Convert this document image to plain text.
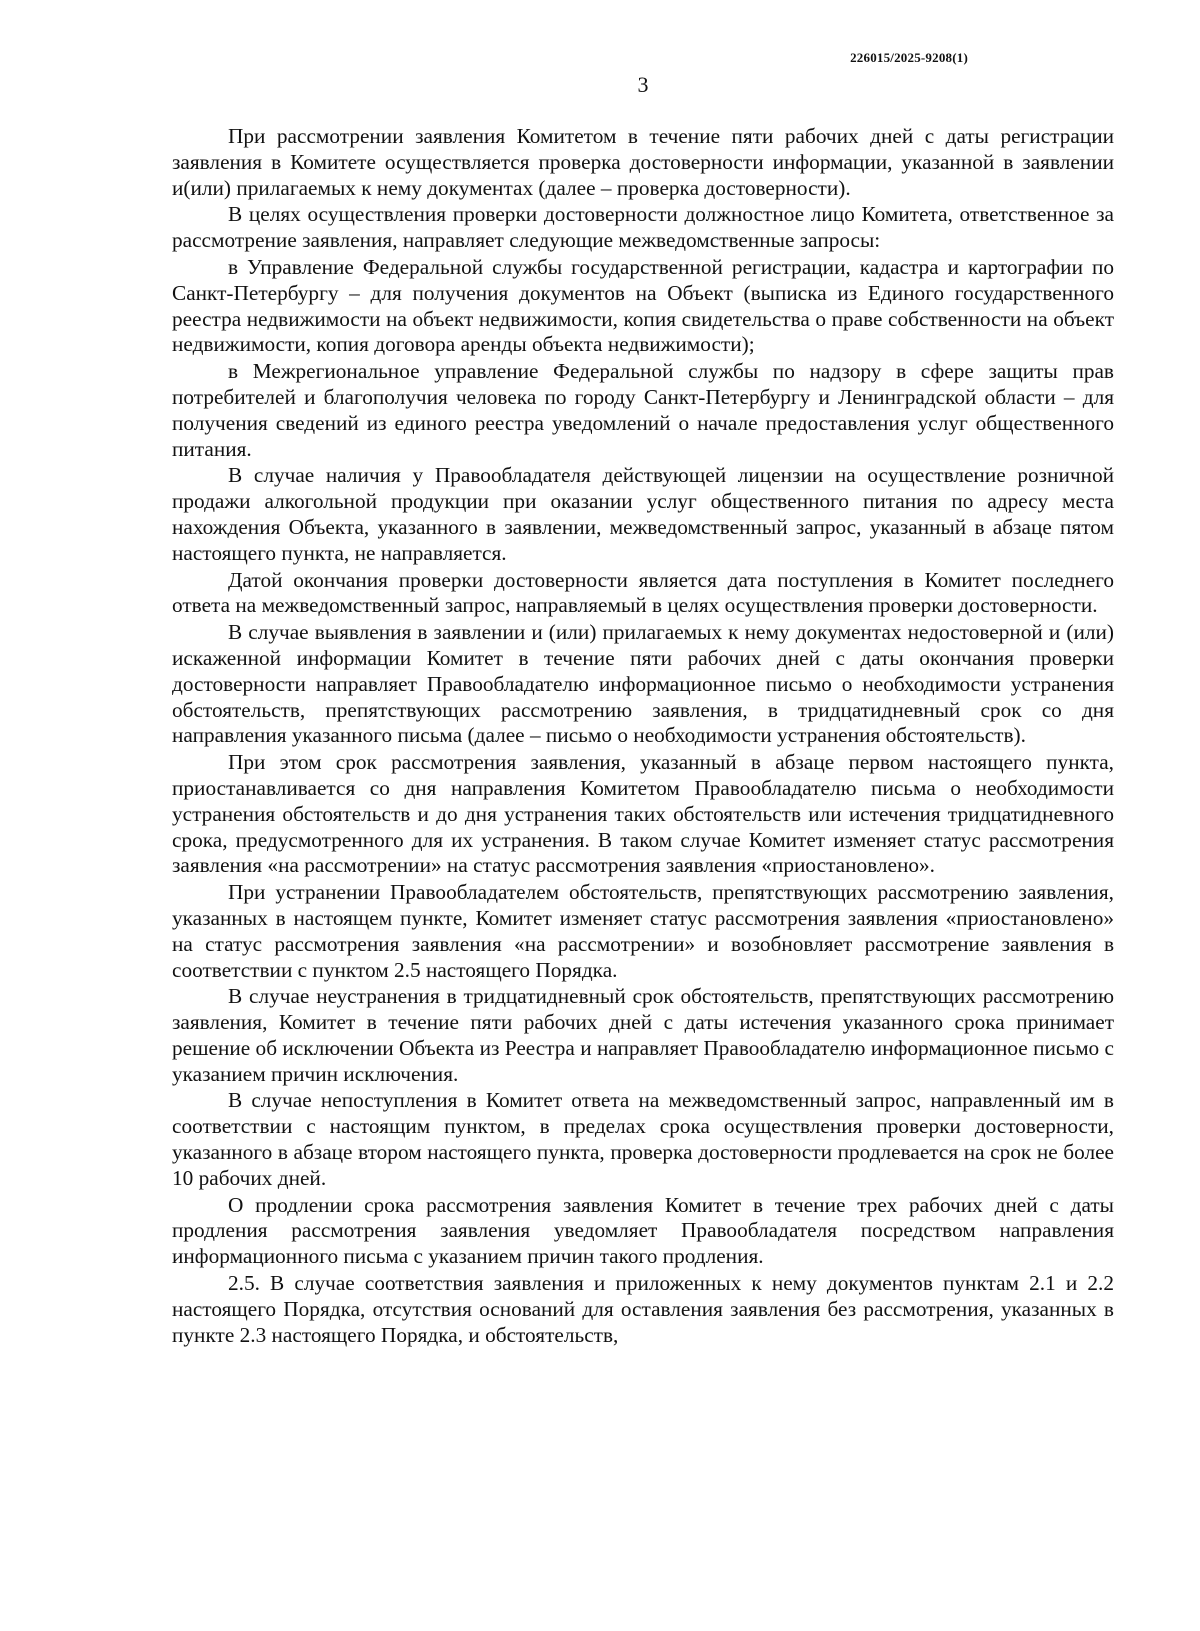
226015/2025-9208(1)
3

При рассмотрении заявления Комитетом в течение пяти рабочих дней с даты регистрации заявления в Комитете осуществляется проверка достоверности информации, указанной в заявлении и(или) прилагаемых к нему документах (далее – проверка достоверности).

В целях осуществления проверки достоверности должностное лицо Комитета, ответственное за рассмотрение заявления, направляет следующие межведомственные запросы:

в Управление Федеральной службы государственной регистрации, кадастра и картографии по Санкт-Петербургу – для получения документов на Объект (выписка из Единого государственного реестра недвижимости на объект недвижимости, копия свидетельства о праве собственности на объект недвижимости, копия договора аренды объекта недвижимости);

в Межрегиональное управление Федеральной службы по надзору в сфере защиты прав потребителей и благополучия человека по городу Санкт-Петербургу и Ленинградской области – для получения сведений из единого реестра уведомлений о начале предоставления услуг общественного питания.

В случае наличия у Правообладателя действующей лицензии на осуществление розничной продажи алкогольной продукции при оказании услуг общественного питания по адресу места нахождения Объекта, указанного в заявлении, межведомственный запрос, указанный в абзаце пятом настоящего пункта, не направляется.

Датой окончания проверки достоверности является дата поступления в Комитет последнего ответа на межведомственный запрос, направляемый в целях осуществления проверки достоверности.

В случае выявления в заявлении и (или) прилагаемых к нему документах недостоверной и (или) искаженной информации Комитет в течение пяти рабочих дней с даты окончания проверки достоверности направляет Правообладателю информационное письмо о необходимости устранения обстоятельств, препятствующих рассмотрению заявления, в тридцатидневный срок со дня направления указанного письма (далее – письмо о необходимости устранения обстоятельств).

При этом срок рассмотрения заявления, указанный в абзаце первом настоящего пункта, приостанавливается со дня направления Комитетом Правообладателю письма о необходимости устранения обстоятельств и до дня устранения таких обстоятельств или истечения тридцатидневного срока, предусмотренного для их устранения. В таком случае Комитет изменяет статус рассмотрения заявления «на рассмотрении» на статус рассмотрения заявления «приостановлено».

При устранении Правообладателем обстоятельств, препятствующих рассмотрению заявления, указанных в настоящем пункте, Комитет изменяет статус рассмотрения заявления «приостановлено» на статус рассмотрения заявления «на рассмотрении» и возобновляет рассмотрение заявления в соответствии с пунктом 2.5 настоящего Порядка.

В случае неустранения в тридцатидневный срок обстоятельств, препятствующих рассмотрению заявления, Комитет в течение пяти рабочих дней с даты истечения указанного срока принимает решение об исключении Объекта из Реестра и направляет Правообладателю информационное письмо с указанием причин исключения.

В случае непоступления в Комитет ответа на межведомственный запрос, направленный им в соответствии с настоящим пунктом, в пределах срока осуществления проверки достоверности, указанного в абзаце втором настоящего пункта, проверка достоверности продлевается на срок не более 10 рабочих дней.

О продлении срока рассмотрения заявления Комитет в течение трех рабочих дней с даты продления рассмотрения заявления уведомляет Правообладателя посредством направления информационного письма с указанием причин такого продления.

2.5. В случае соответствия заявления и приложенных к нему документов пунктам 2.1 и 2.2 настоящего Порядка, отсутствия оснований для оставления заявления без рассмотрения, указанных в пункте 2.3 настоящего Порядка, и обстоятельств,
